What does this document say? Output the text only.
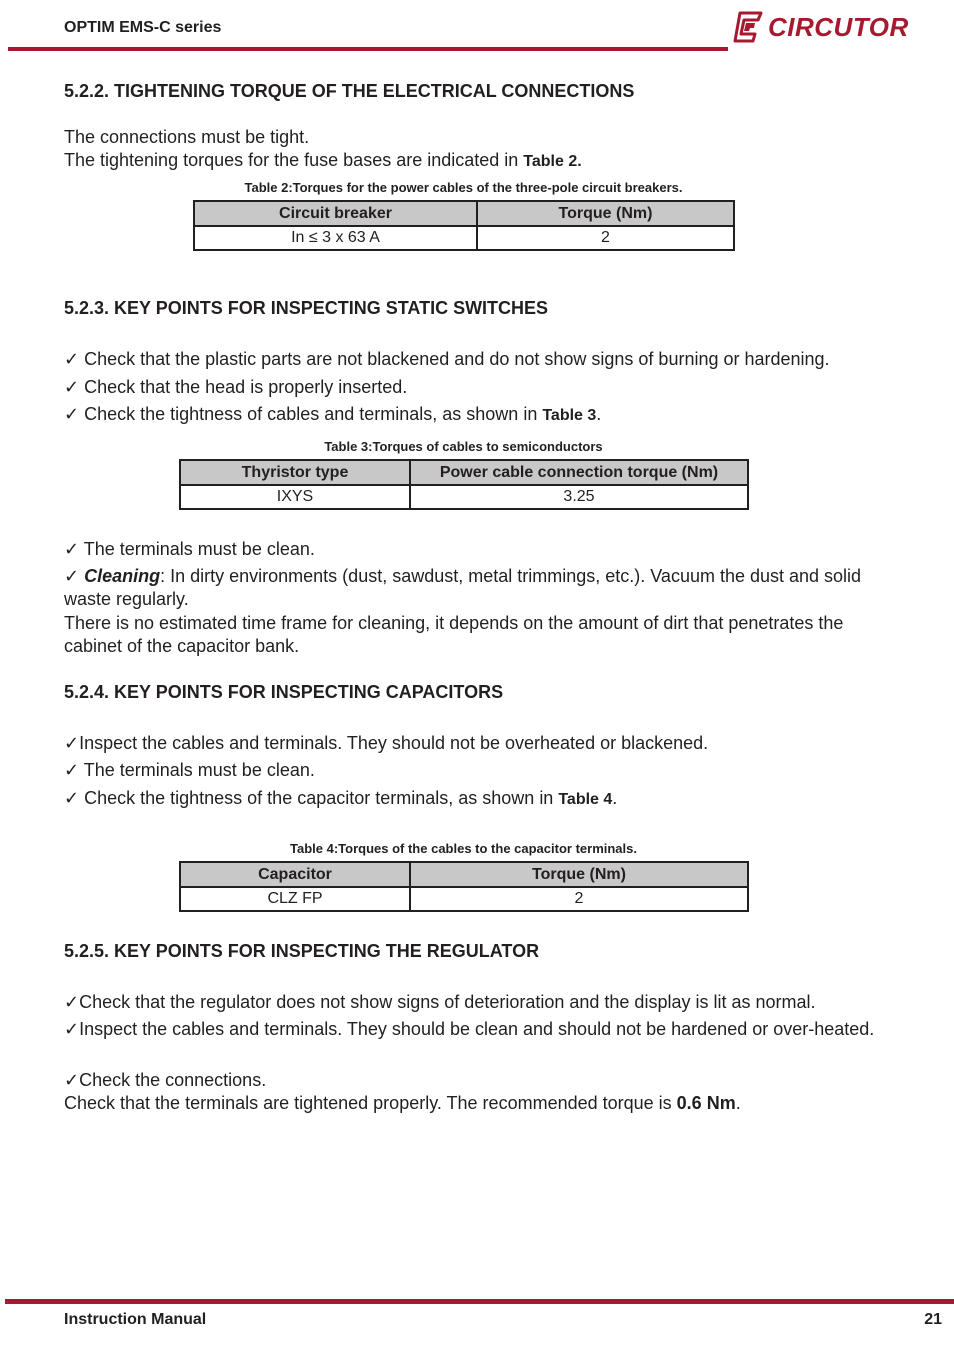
OPTIM EMS-C series	CIRCUTOR
5.2.2. TIGHTENING TORQUE OF THE ELECTRICAL CONNECTIONS
The connections must be tight.
The tightening torques for the fuse bases are indicated in Table 2.
Table 2:Torques for the power cables of the three-pole circuit breakers.
Circuit breaker	Torque (Nm)
In ≤ 3 x 63 A	2
5.2.3. KEY POINTS FOR INSPECTING STATIC SWITCHES
✓ Check that the plastic parts are not blackened and do not show signs of burning or hardening.
✓ Check that the head is properly inserted.
✓ Check the tightness of cables and terminals, as shown in Table 3.
Table 3:Torques of cables to semiconductors
Thyristor type	Power cable connection torque (Nm)
IXYS	3.25
✓ The terminals must be clean.
✓ Cleaning: In dirty environments (dust, sawdust, metal trimmings, etc.). Vacuum the dust and solid waste regularly.
There is no estimated time frame for cleaning, it depends on the amount of dirt that penetrates the cabinet of the capacitor bank.
5.2.4. KEY POINTS FOR INSPECTING CAPACITORS
✓Inspect the cables and terminals. They should not be overheated or blackened.
✓ The terminals must be clean.
✓ Check the tightness of the capacitor terminals, as shown in Table 4.
Table 4:Torques of the cables to the capacitor terminals.
Capacitor	Torque (Nm)
CLZ FP	2
5.2.5. KEY POINTS FOR INSPECTING THE REGULATOR
✓Check that the regulator does not show signs of deterioration and the display is lit as normal.
✓Inspect the cables and terminals. They should be clean and should not be hardened or over-heated.
✓Check the connections.
Check that the terminals are tightened properly. The recommended torque is 0.6 Nm.
Instruction Manual	21
